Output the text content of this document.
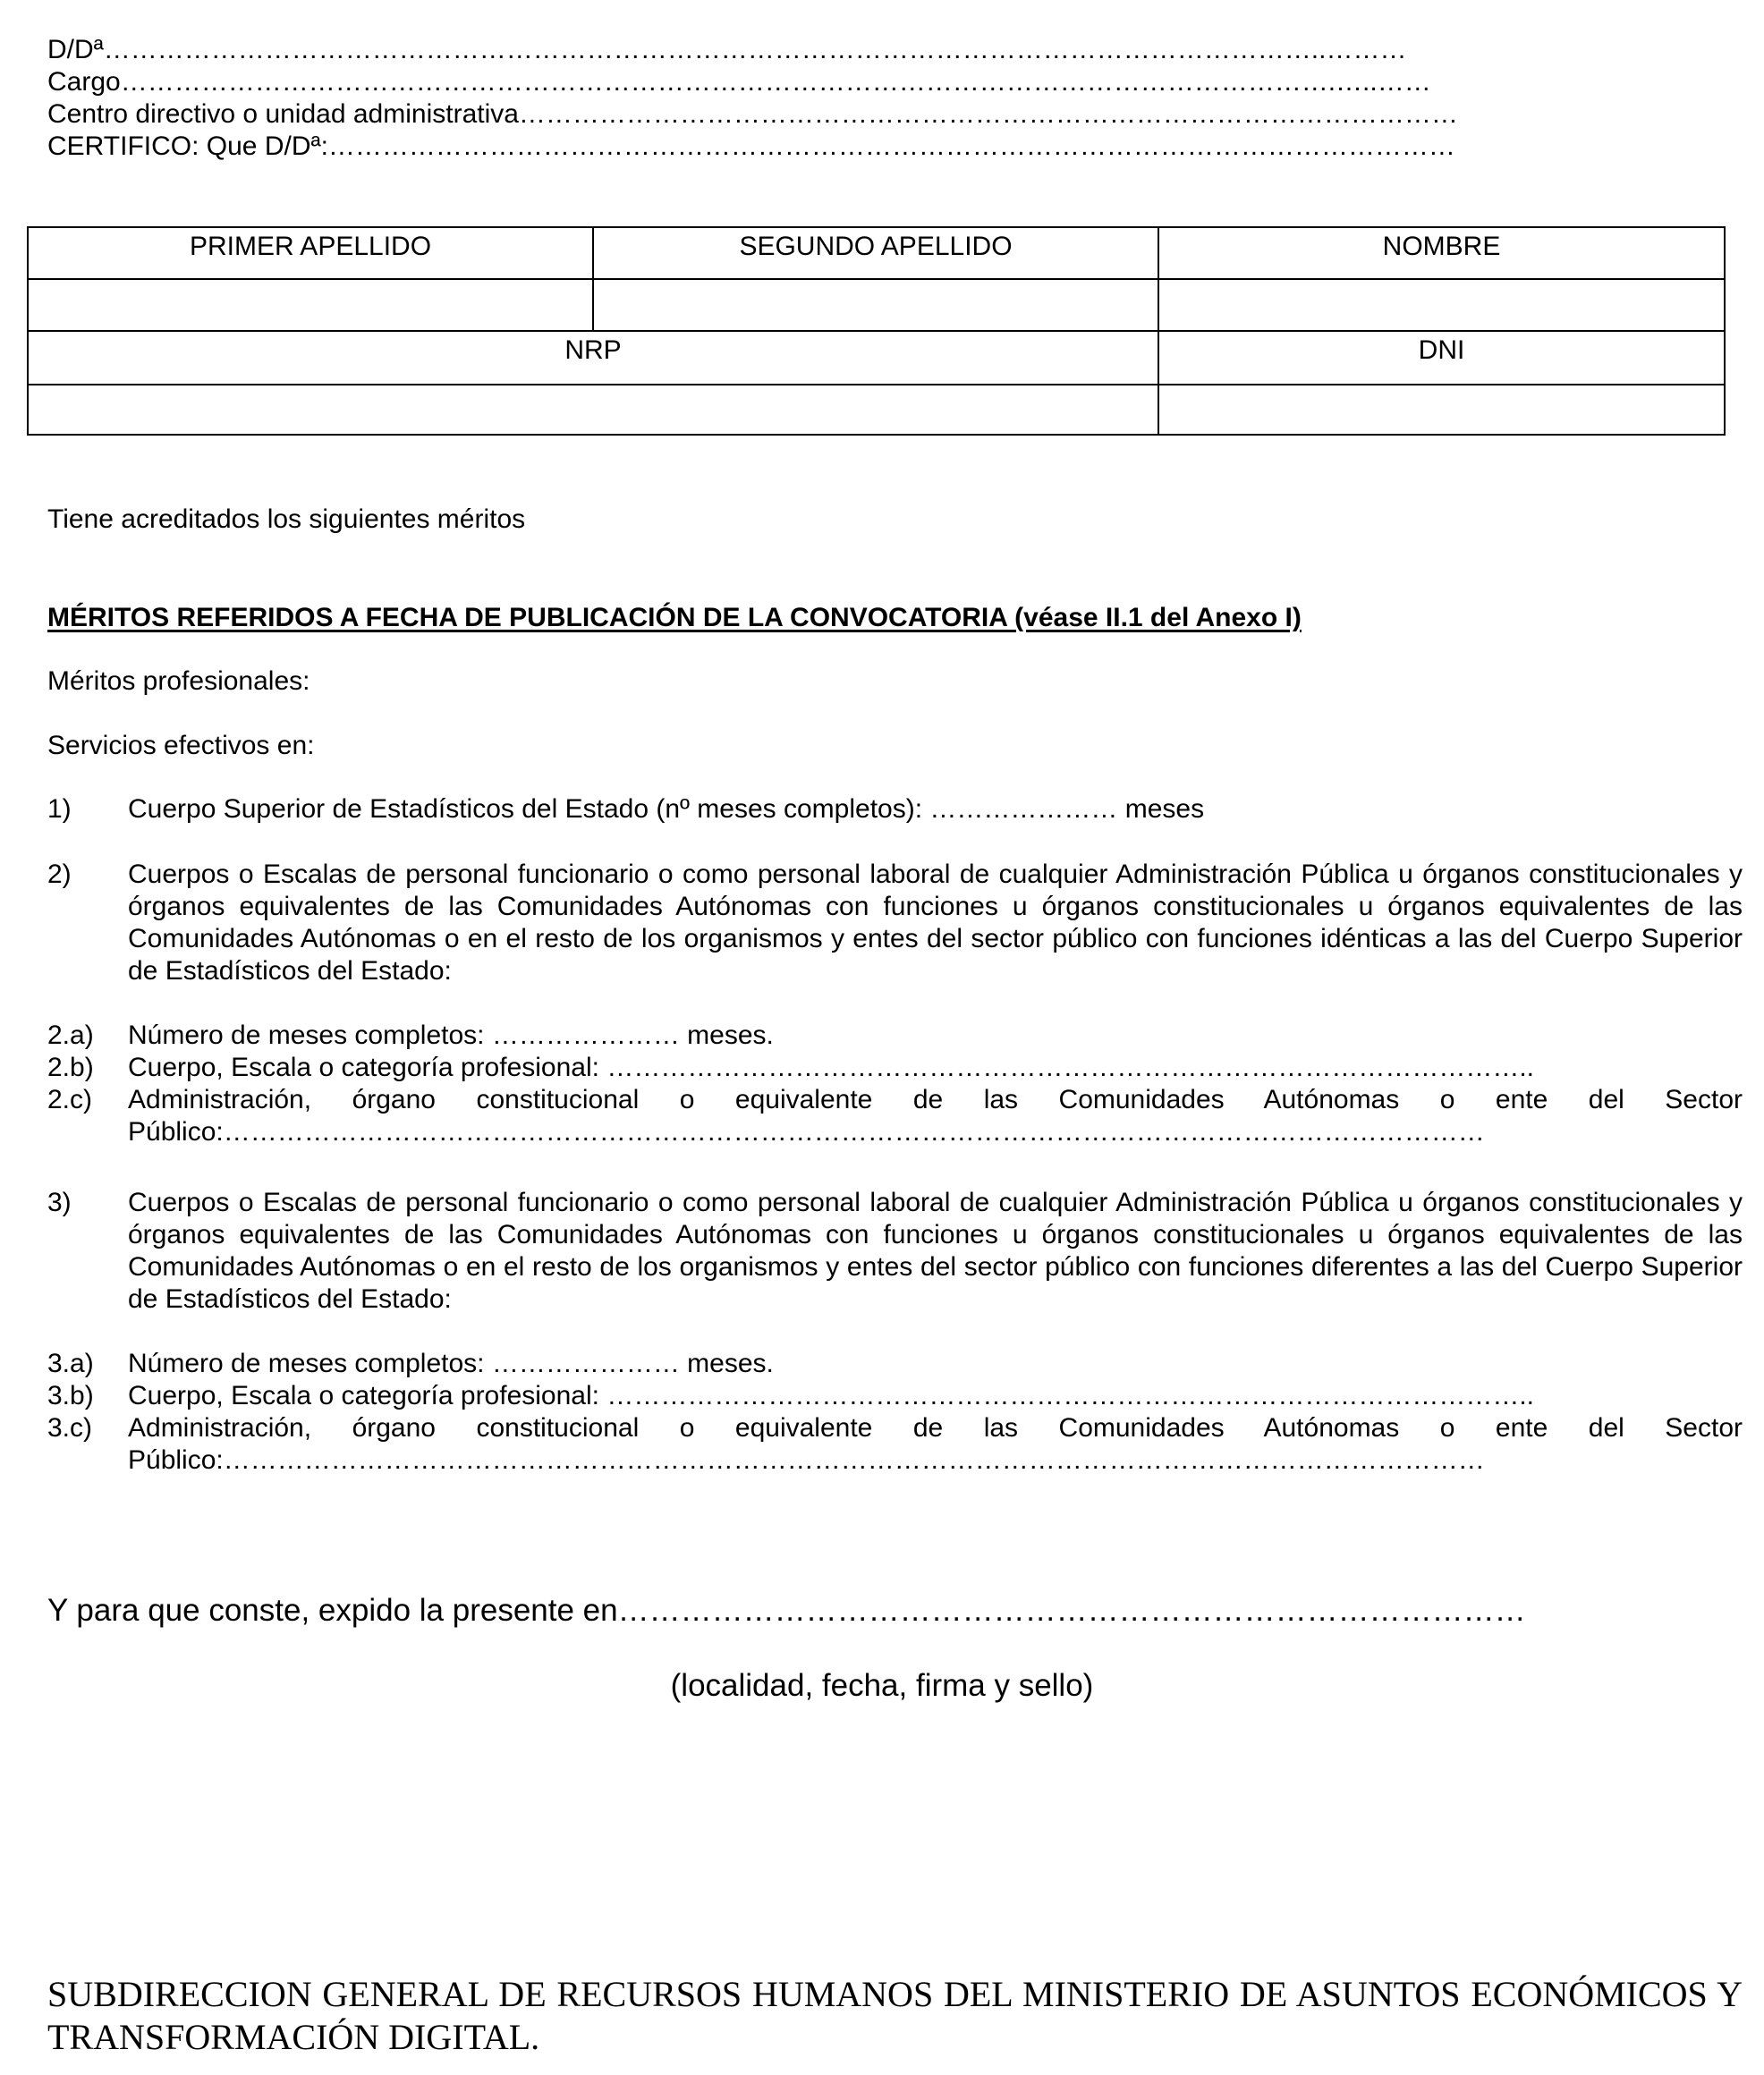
D/Dª………………………………………………………………………………………………………………………..………
Cargo……………………………………………………………………………………………………………………….…..……
Centro directivo o unidad administrativa……………………………………………………………………………………………
CERTIFICO: Que D/Dª:………………………………………………………………………………………………………………
PRIMER APELLIDO	SEGUNDO APELLIDO	NOMBRE

NRP		DNI

Tiene acreditados los siguientes méritos
MÉRITOS REFERIDOS A FECHA DE PUBLICACIÓN DE LA CONVOCATORIA (véase II.1 del Anexo I)
Méritos profesionales:
Servicios efectivos en:
1) Cuerpo Superior de Estadísticos del Estado (nº meses completos): ………………… meses
2) Cuerpos o Escalas de personal funcionario o como personal laboral de cualquier Administración Pública u órganos constitucionales y órganos equivalentes de las Comunidades Autónomas con funciones u órganos constitucionales u órganos equivalentes de las Comunidades Autónomas o en el resto de los organismos y entes del sector público con funciones idénticas a las del Cuerpo Superior de Estadísticos del Estado:
2.a) Número de meses completos: ………………… meses.
2.b) Cuerpo, Escala o categoría profesional: …………………………………………………………………………………………..
2.c) Administración, órgano constitucional o equivalente de las Comunidades Autónomas o ente del Sector Público:……………………………………………………………………………………………………………………………
3) Cuerpos o Escalas de personal funcionario o como personal laboral de cualquier Administración Pública u órganos constitucionales y órganos equivalentes de las Comunidades Autónomas con funciones u órganos constitucionales u órganos equivalentes de las Comunidades Autónomas o en el resto de los organismos y entes del sector público con funciones diferentes a las del Cuerpo Superior de Estadísticos del Estado:
3.a) Número de meses completos: ………………… meses.
3.b) Cuerpo, Escala o categoría profesional: …………………………………………………………………………………………..
3.c) Administración, órgano constitucional o equivalente de las Comunidades Autónomas o ente del Sector Público:……………………………………………………………………………………………………………………………
Y para que conste, expido la presente en……………………………………………………………………………
(localidad, fecha, firma y sello)
SUBDIRECCION GENERAL DE RECURSOS HUMANOS DEL MINISTERIO DE ASUNTOS ECONÓMICOS Y TRANSFORMACIÓN DIGITAL.
